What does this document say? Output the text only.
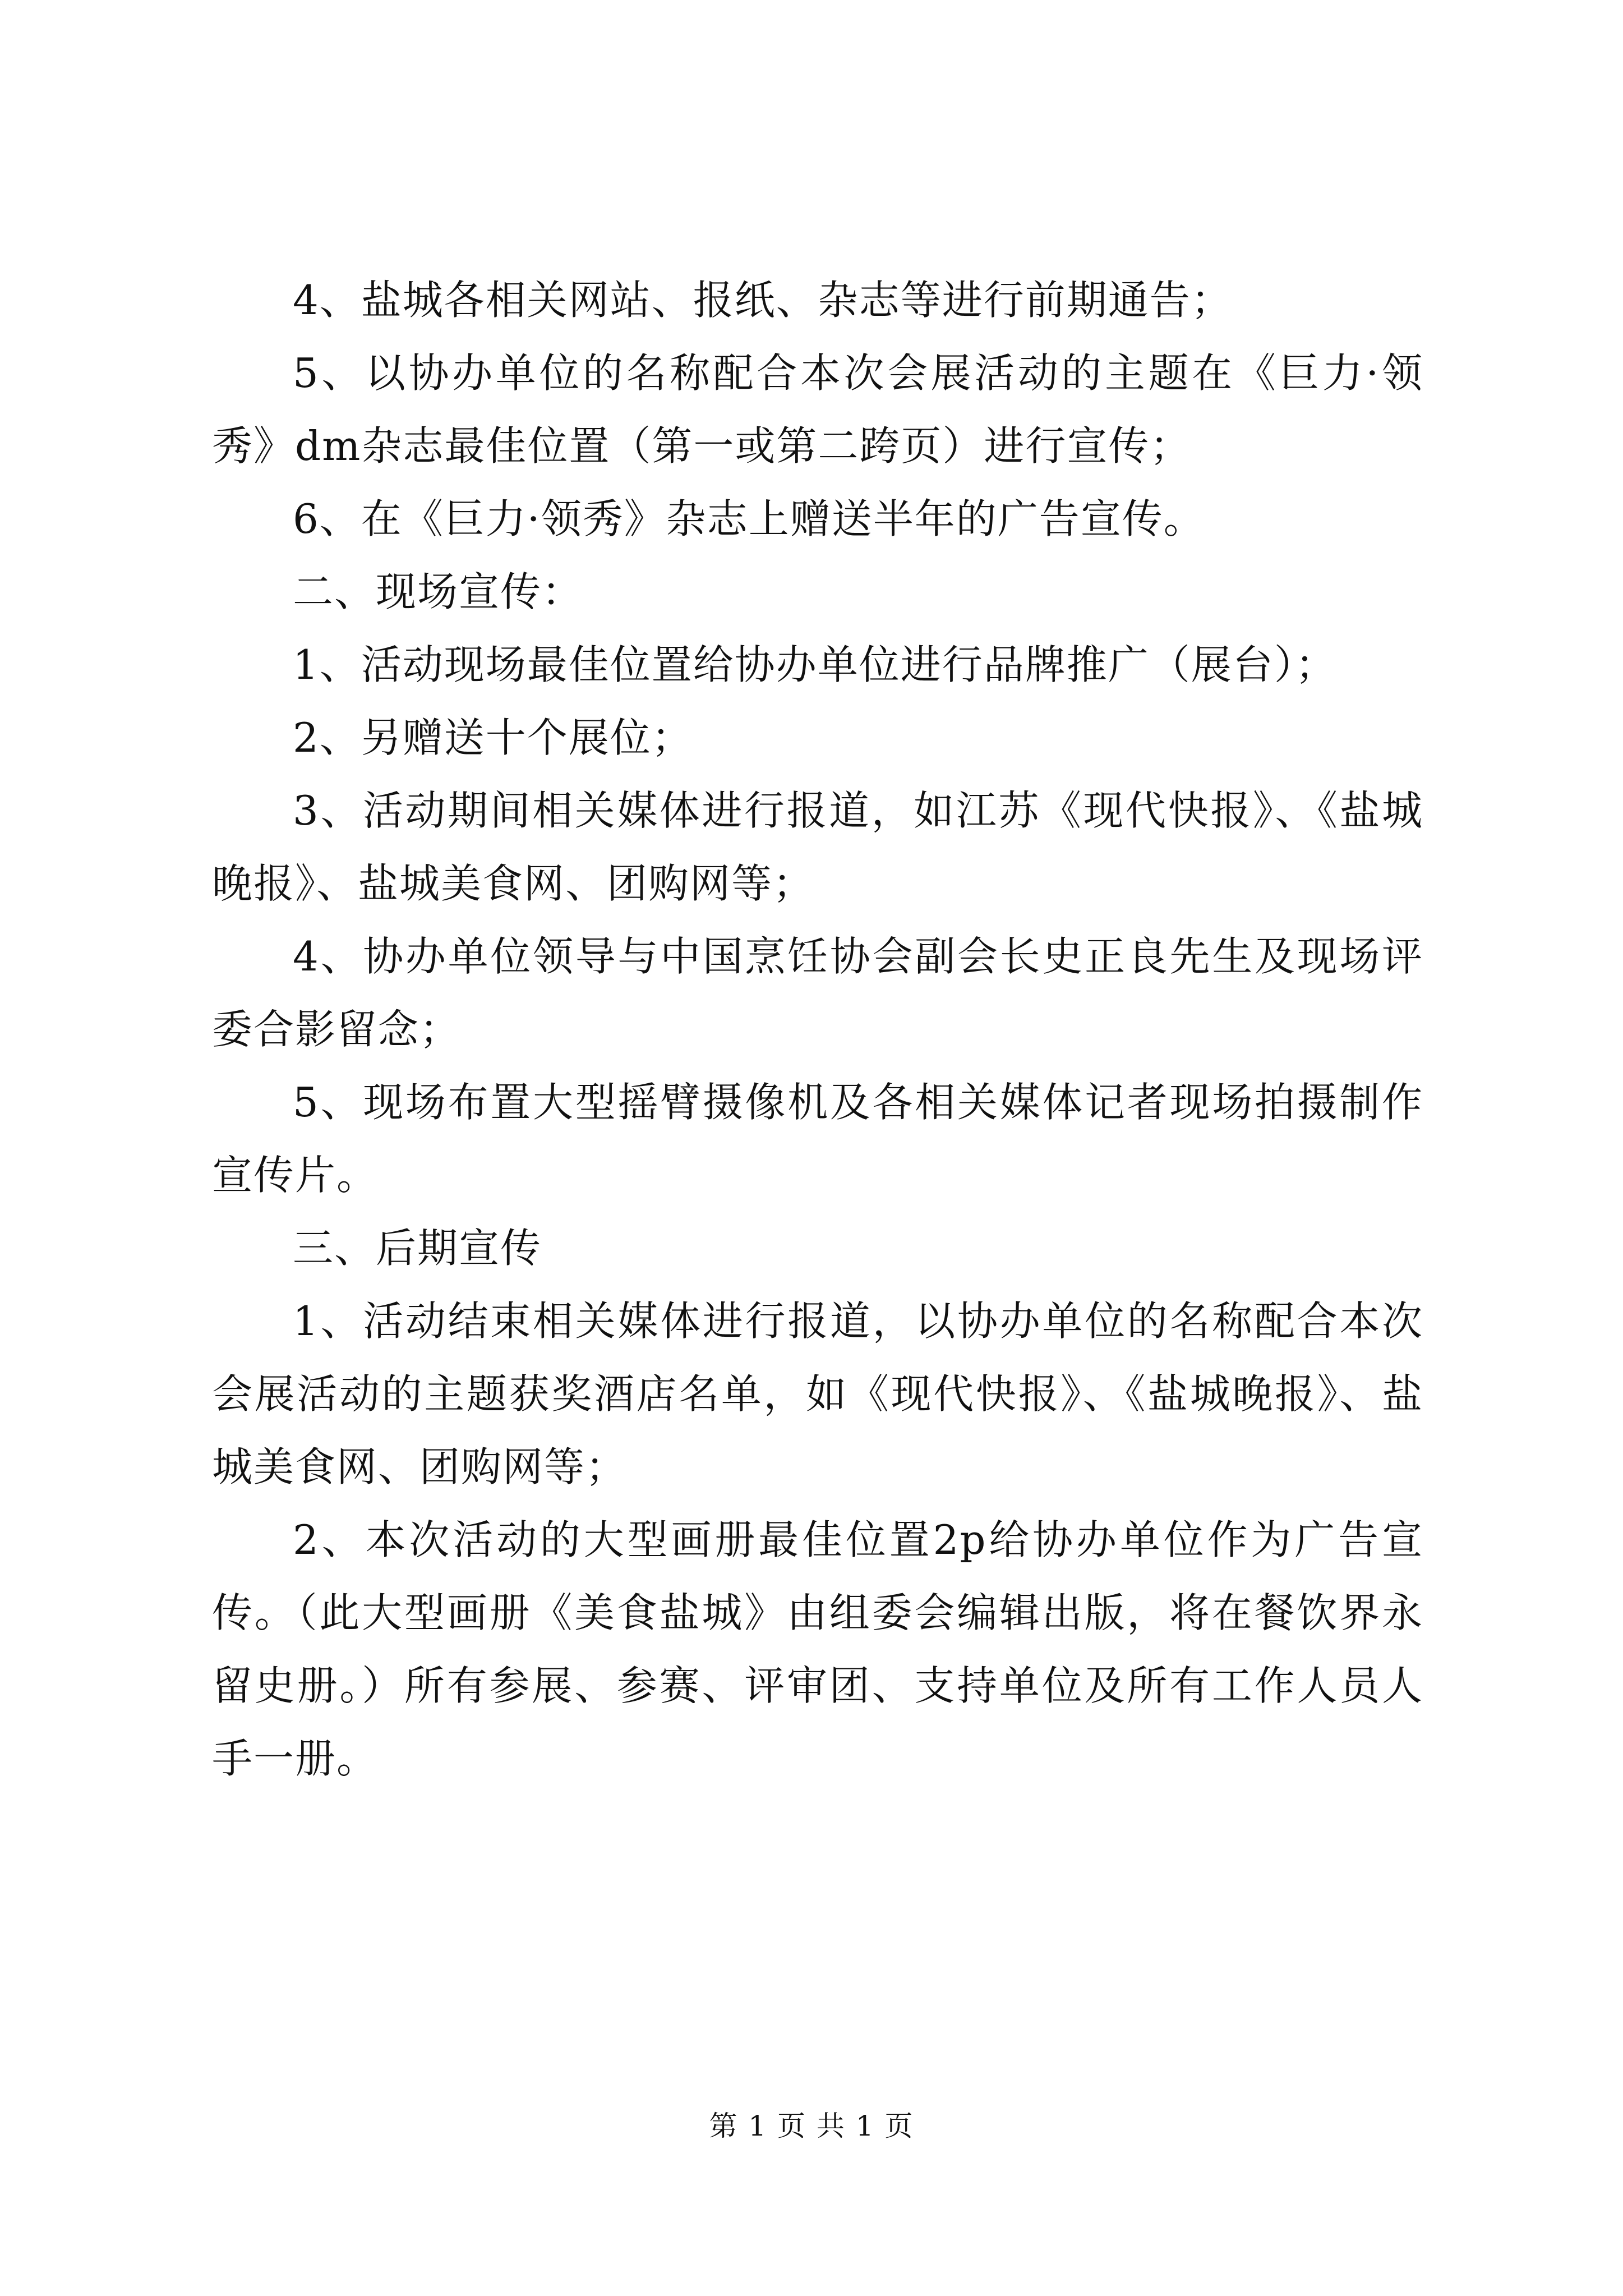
4、盐城各相关网站、报纸、杂志等进行前期通告；

5、以协办单位的名称配合本次会展活动的主题在《巨力·领秀》dm杂志最佳位置（第一或第二跨页）进行宣传；

6、在《巨力·领秀》杂志上赠送半年的广告宣传。

二、现场宣传：

1、活动现场最佳位置给协办单位进行品牌推广（展台）；

2、另赠送十个展位；

3、活动期间相关媒体进行报道，如江苏《现代快报》、《盐城晚报》、盐城美食网、团购网等；

4、协办单位领导与中国烹饪协会副会长史正良先生及现场评委合影留念；

5、现场布置大型摇臂摄像机及各相关媒体记者现场拍摄制作宣传片。

三、后期宣传

1、活动结束相关媒体进行报道，以协办单位的名称配合本次会展活动的主题获奖酒店名单，如《现代快报》、《盐城晚报》、盐城美食网、团购网等；

2、本次活动的大型画册最佳位置2p给协办单位作为广告宣传。（此大型画册《美食盐城》由组委会编辑出版，将在餐饮界永留史册。）所有参展、参赛、评审团、支持单位及所有工作人员人手一册。

第 1 页 共 1 页
